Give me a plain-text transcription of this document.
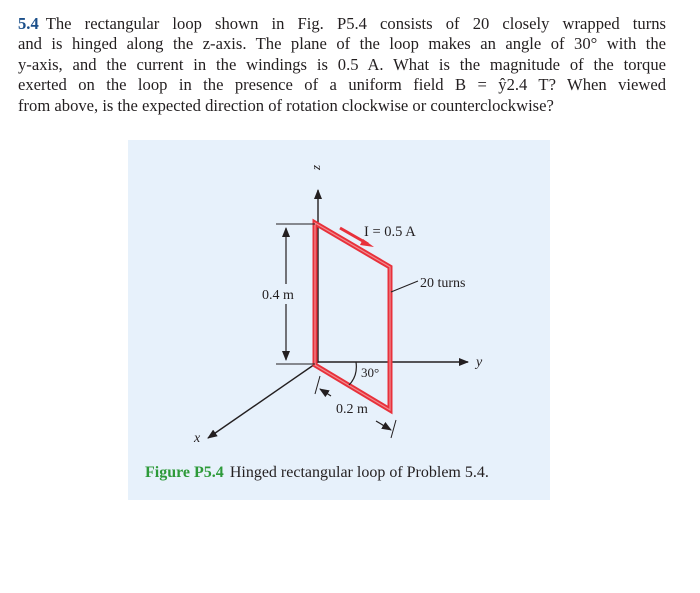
5.4 The rectangular loop shown in Fig. P5.4 consists of 20 closely wrapped turns
and is hinged along the z-axis. The plane of the loop makes an angle of 30° with the
y-axis, and the current in the windings is 0.5 A. What is the magnitude of the torque
exerted on the loop in the presence of a uniform field B = ŷ2.4 T? When viewed
from above, is the expected direction of rotation clockwise or counterclockwise?
z
y
x
I = 0.5 A
20 turns
0.4 m
30°
0.2 m
Figure P5.4 Hinged rectangular loop of Problem 5.4.
